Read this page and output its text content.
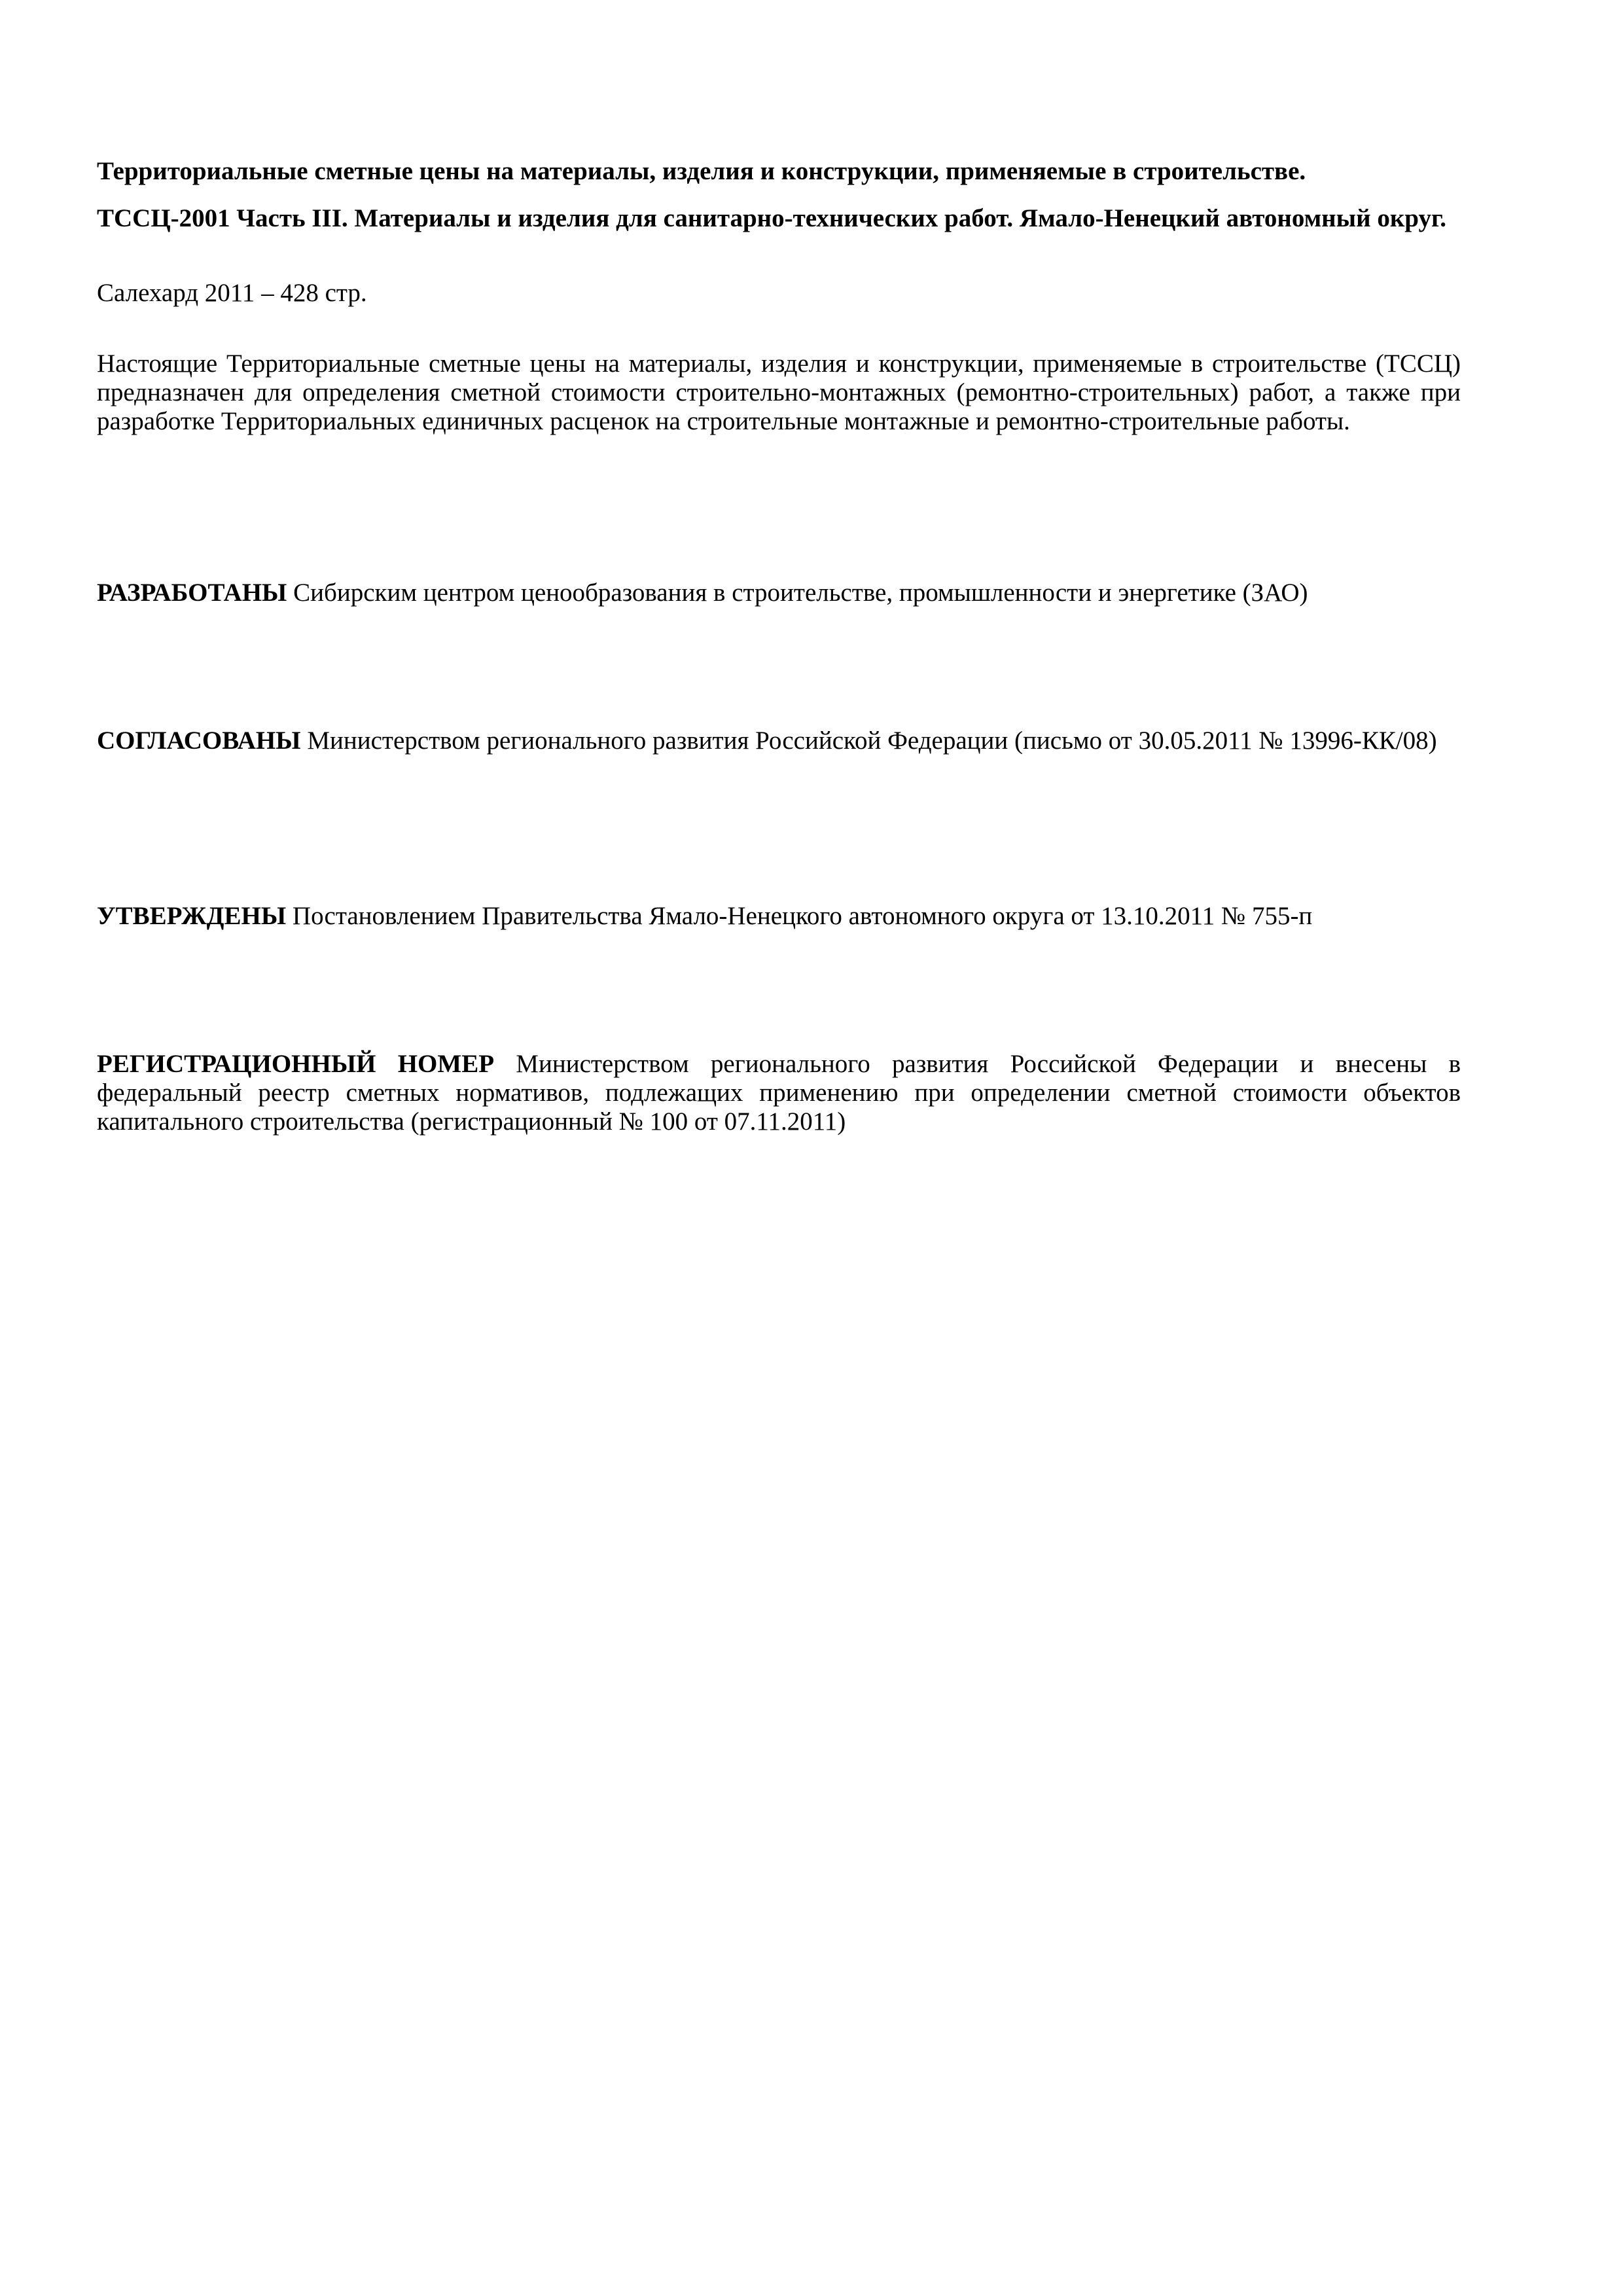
Территориальные сметные цены на материалы, изделия и конструкции, применяемые в строительстве.
ТССЦ-2001 Часть III. Материалы и изделия для санитарно-технических работ. Ямало-Ненецкий автономный округ.
Салехард 2011 – 428 стр.
Настоящие Территориальные сметные цены на материалы, изделия и конструкции, применяемые в строительстве (ТССЦ) предназначен для определения сметной стоимости строительно-монтажных (ремонтно-строительных) работ, а также при разработке Территориальных единичных расценок на строительные монтажные и ремонтно-строительные работы.
РАЗРАБОТАНЫ Сибирским центром ценообразования в строительстве, промышленности и энергетике (ЗАО)
СОГЛАСОВАНЫ Министерством регионального развития Российской Федерации (письмо от 30.05.2011 № 13996-КК/08)
УТВЕРЖДЕНЫ Постановлением Правительства Ямало-Ненецкого автономного округа от 13.10.2011 № 755-п
РЕГИСТРАЦИОННЫЙ НОМЕР Министерством регионального развития Российской Федерации и внесены в федеральный реестр сметных нормативов, подлежащих применению при определении сметной стоимости объектов капитального строительства (регистрационный № 100 от 07.11.2011)
